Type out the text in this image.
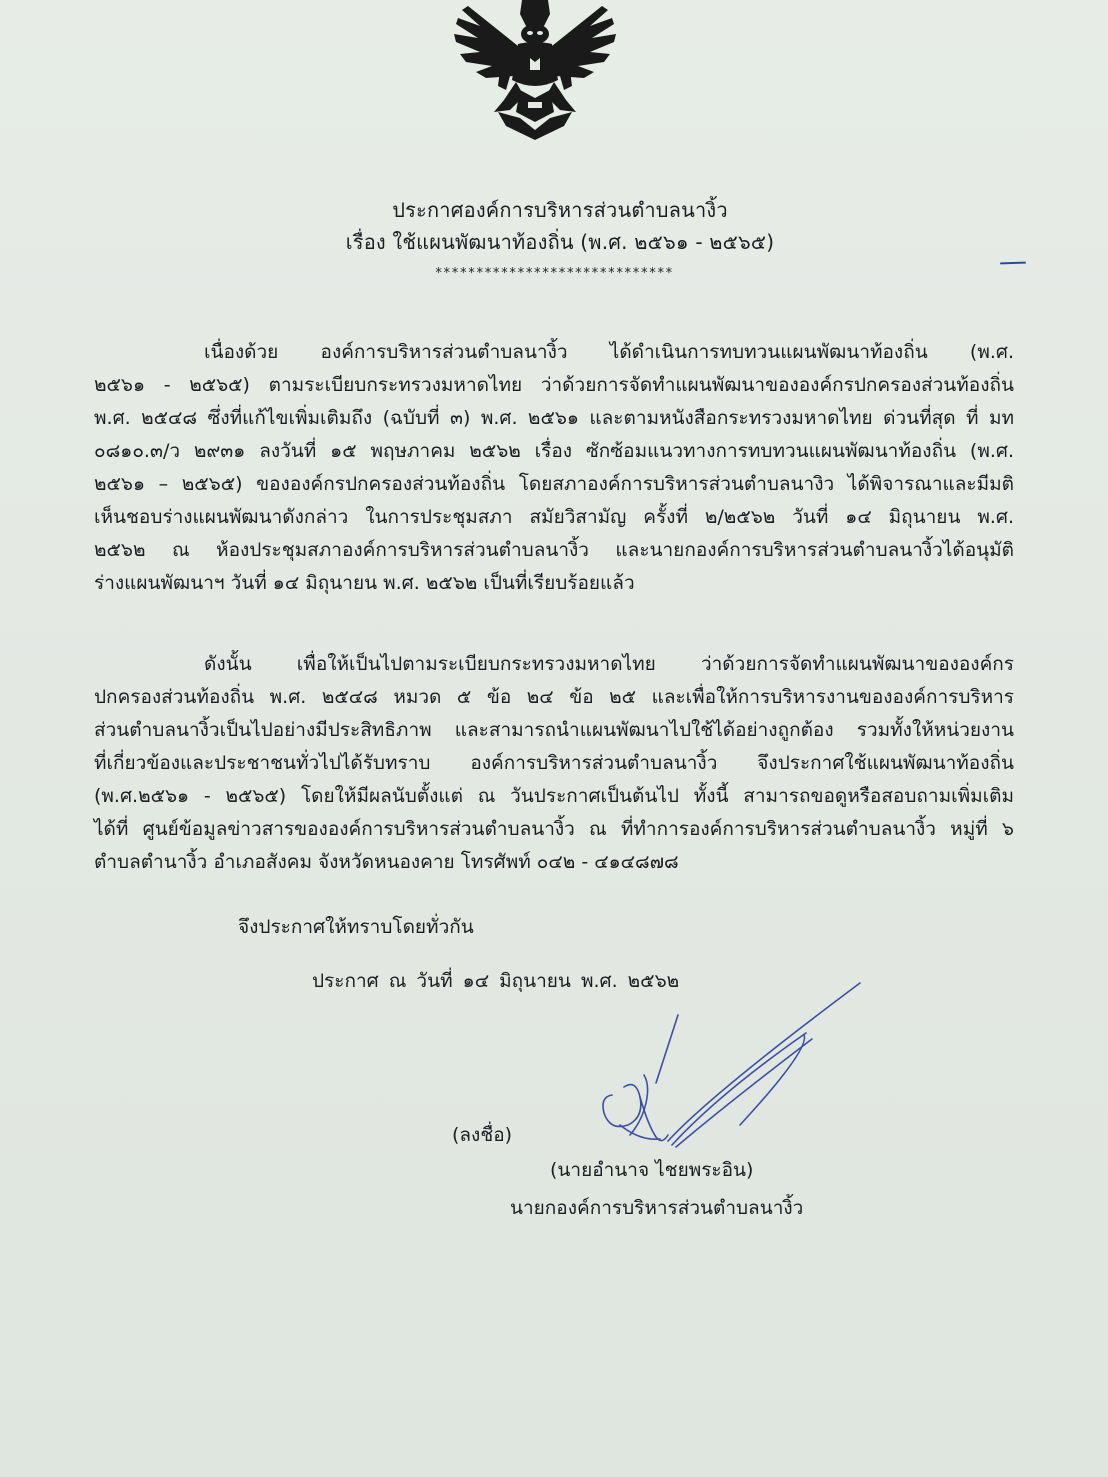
ประกาศองค์การบริหารส่วนตำบลนางิ้ว
เรื่อง ใช้แผนพัฒนาท้องถิ่น (พ.ศ. ๒๕๖๑ - ๒๕๖๕)
*****************************
เนื่องด้วย องค์การบริหารส่วนตำบลนางิ้ว ได้ดำเนินการทบทวนแผนพัฒนาท้องถิ่น (พ.ศ.
๒๕๖๑ - ๒๕๖๕) ตามระเบียบกระทรวงมหาดไทย ว่าด้วยการจัดทำแผนพัฒนาขององค์กรปกครองส่วนท้องถิ่น
พ.ศ. ๒๕๔๘ ซึ่งที่แก้ไขเพิ่มเติมถึง (ฉบับที่ ๓) พ.ศ. ๒๕๖๑ และตามหนังสือกระทรวงมหาดไทย ด่วนที่สุด ที่ มท
๐๘๑๐.๓/ว ๒๙๓๑ ลงวันที่ ๑๕ พฤษภาคม ๒๕๖๒ เรื่อง ซักซ้อมแนวทางการทบทวนแผนพัฒนาท้องถิ่น (พ.ศ.
๒๕๖๑ – ๒๕๖๕) ขององค์กรปกครองส่วนท้องถิ่น โดยสภาองค์การบริหารส่วนตำบลนางิว ได้พิจารณาและมีมติ
เห็นชอบร่างแผนพัฒนาดังกล่าว ในการประชุมสภา สมัยวิสามัญ ครั้งที่ ๒/๒๕๖๒ วันที่ ๑๔ มิถุนายน พ.ศ.
๒๕๖๒ ณ ห้องประชุมสภาองค์การบริหารส่วนตำบลนางิ้ว และนายกองค์การบริหารส่วนตำบลนางิ้วได้อนุมัติ
ร่างแผนพัฒนาฯ วันที่ ๑๔ มิถุนายน พ.ศ. ๒๕๖๒ เป็นที่เรียบร้อยแล้ว
ดังนั้น เพื่อให้เป็นไปตามระเบียบกระทรวงมหาดไทย ว่าด้วยการจัดทำแผนพัฒนาขององค์กร
ปกครองส่วนท้องถิ่น พ.ศ. ๒๕๔๘ หมวด ๕ ข้อ ๒๔ ข้อ ๒๕ และเพื่อให้การบริหารงานขององค์การบริหาร
ส่วนตำบลนางิ้วเป็นไปอย่างมีประสิทธิภาพ และสามารถนำแผนพัฒนาไปใช้ได้อย่างถูกต้อง รวมทั้งให้หน่วยงาน
ที่เกี่ยวข้องและประชาชนทั่วไปได้รับทราบ องค์การบริหารส่วนตำบลนางิ้ว จึงประกาศใช้แผนพัฒนาท้องถิ่น
(พ.ศ.๒๕๖๑ - ๒๕๖๕) โดยให้มีผลนับตั้งแต่ ณ วันประกาศเป็นต้นไป ทั้งนี้ สามารถขอดูหรือสอบถามเพิ่มเติม
ได้ที่ ศูนย์ข้อมูลข่าวสารขององค์การบริหารส่วนตำบลนางิ้ว ณ ที่ทำการองค์การบริหารส่วนตำบลนางิ้ว หมู่ที่ ๖
ตำบลตำนางิ้ว อำเภอสังคม จังหวัดหนองคาย โทรศัพท์ ๐๔๒ - ๔๑๔๘๗๘
จึงประกาศให้ทราบโดยทั่วกัน
ประกาศ ณ วันที่ ๑๔ มิถุนายน พ.ศ. ๒๕๖๒
(ลงชื่อ)
(นายอำนาจ ไชยพระอิน)
นายกองค์การบริหารส่วนตำบลนางิ้ว
